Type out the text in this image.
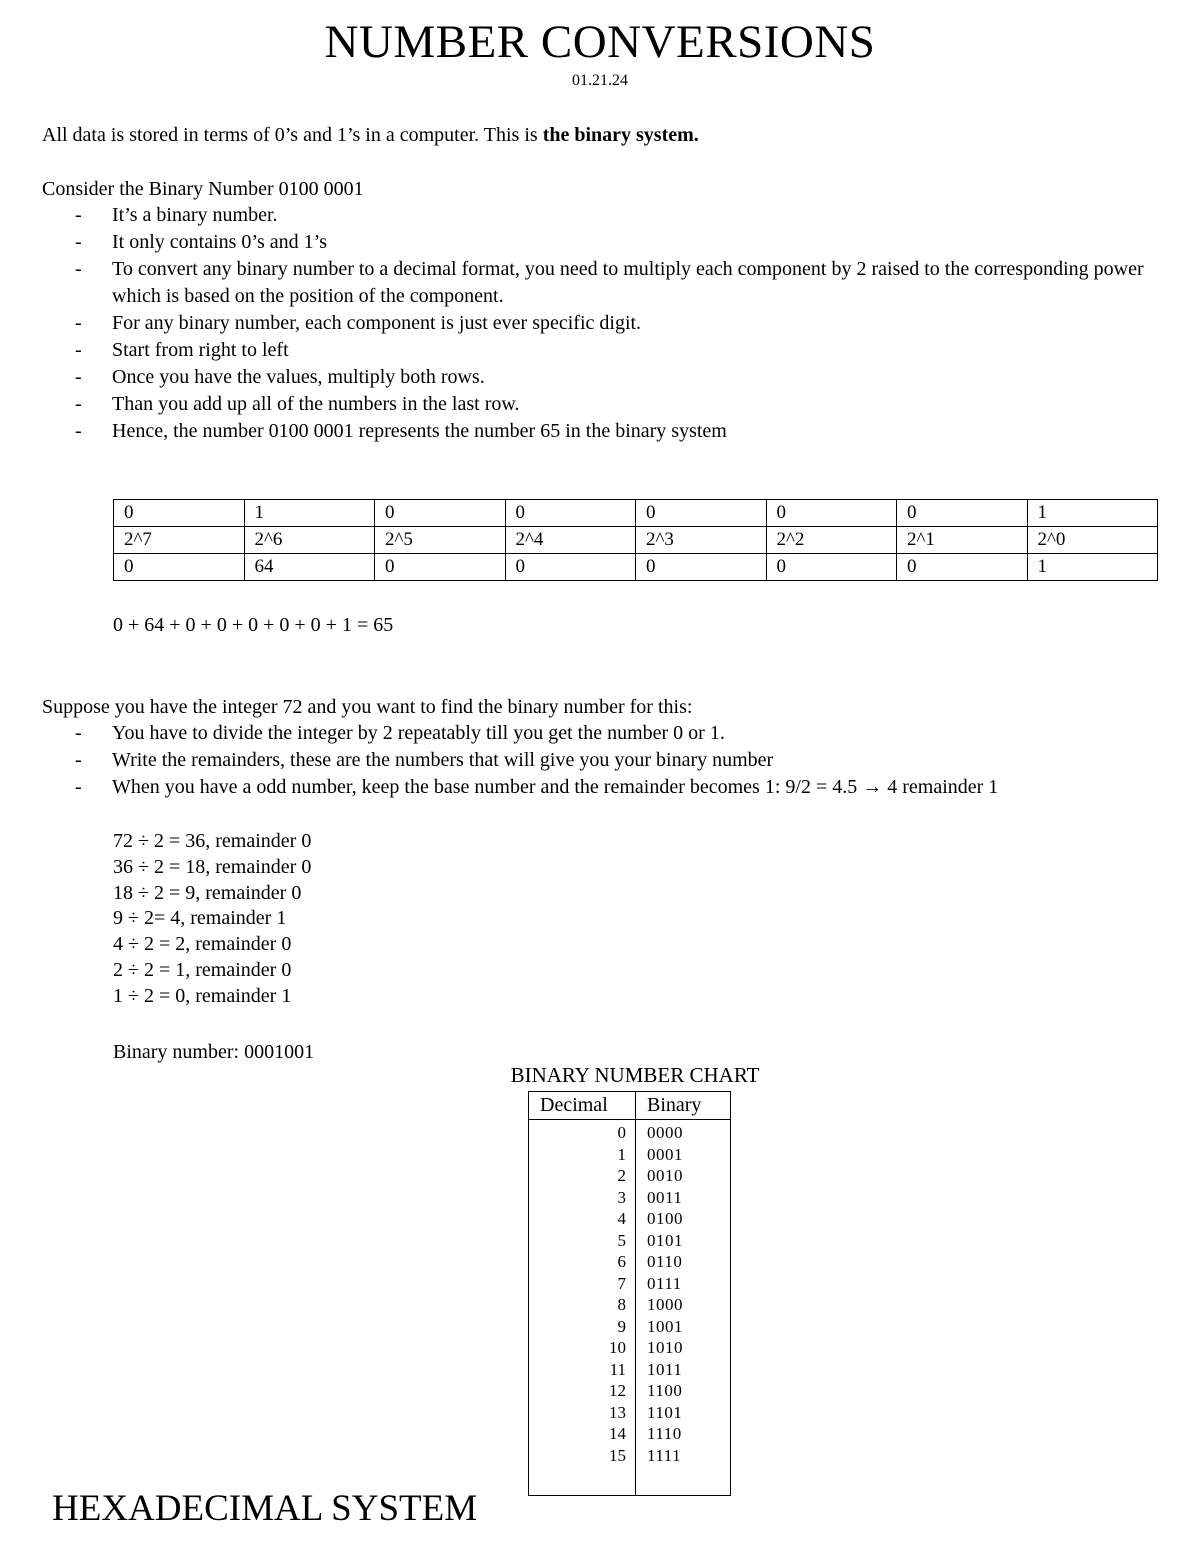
NUMBER CONVERSIONS
01.21.24
All data is stored in terms of 0’s and 1’s in a computer. This is the binary system.
Consider the Binary Number 0100 0001
- It’s a binary number.
- It only contains 0’s and 1’s
- To convert any binary number to a decimal format, you need to multiply each component by 2 raised to the corresponding power which is based on the position of the component.
- For any binary number, each component is just ever specific digit.
- Start from right to left
- Once you have the values, multiply both rows.
- Than you add up all of the numbers in the last row.
- Hence, the number 0100 0001 represents the number 65 in the binary system
0	1	0	0	0	0	0	1
2^7	2^6	2^5	2^4	2^3	2^2	2^1	2^0
0	64	0	0	0	0	0	1
0 + 64 + 0 + 0 + 0 + 0 + 0 + 1 = 65
Suppose you have the integer 72 and you want to find the binary number for this:
- You have to divide the integer by 2 repeatably till you get the number 0 or 1.
- Write the remainders, these are the numbers that will give you your binary number
- When you have a odd number, keep the base number and the remainder becomes 1: 9/2 = 4.5 → 4 remainder 1
72 ÷ 2 = 36, remainder 0
36 ÷ 2 = 18, remainder 0
18 ÷ 2 = 9, remainder 0
9 ÷ 2= 4, remainder 1
4 ÷ 2 = 2, remainder 0
2 ÷ 2 = 1, remainder 0
1 ÷ 2 = 0, remainder 1
Binary number: 0001001
BINARY NUMBER CHART
Decimal Binary
0 0000
1 0001
2 0010
3 0011
4 0100
5 0101
6 0110
7 0111
8 1000
9 1001
10 1010
11 1011
12 1100
13 1101
14 1110
15 1111
HEXADECIMAL SYSTEM
